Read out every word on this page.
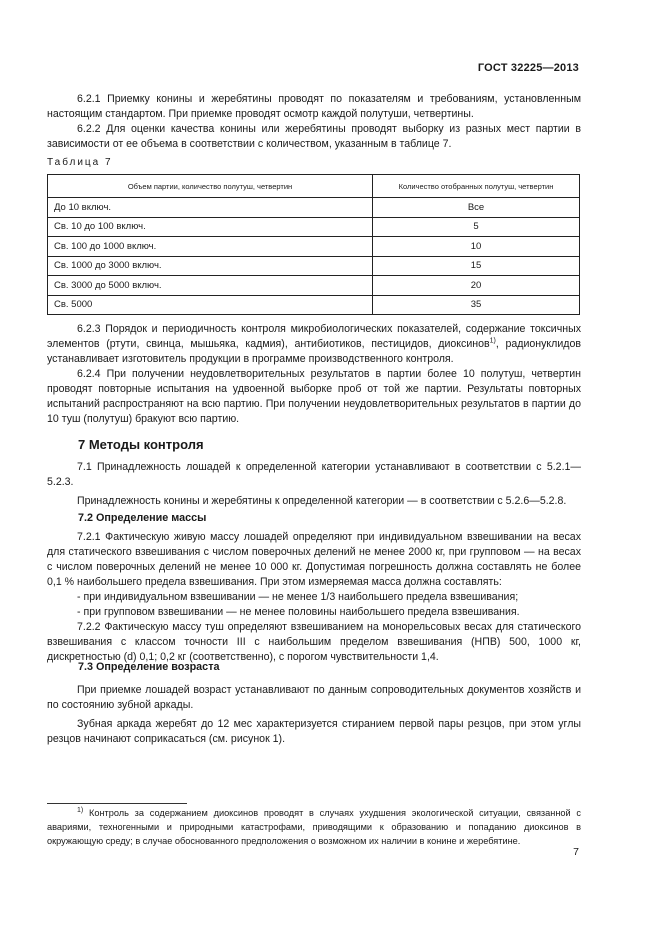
ГОСТ 32225—2013

6.2.1 Приемку конины и жеребятины проводят по показателям и требованиям, установленным настоящим стандартом. При приемке проводят осмотр каждой полутуши, четвертины.

6.2.2 Для оценки качества конины или жеребятины проводят выборку из разных мест партии в зависимости от ее объема в соответствии с количеством, указанным в таблице 7.

Таблица 7
Объем партии, количество полутуш, четвертин	Количество отобранных полутуш, четвертин
До 10 включ.	Все
Св. 10 до 100 включ.	5
Св. 100 до 1000 включ.	10
Св. 1000 до 3000 включ.	15
Св. 3000 до 5000 включ.	20
Св. 5000	35

6.2.3 Порядок и периодичность контроля микробиологических показателей, содержание токсичных элементов (ртути, свинца, мышьяка, кадмия), антибиотиков, пестицидов, диоксинов$^{1)}$, радионуклидов устанавливает изготовитель продукции в программе производственного контроля.

6.2.4 При получении неудовлетворительных результатов в партии более 10 полутуш, четвертин проводят повторные испытания на удвоенной выборке проб от той же партии. Результаты повторных испытаний распространяют на всю партию. При получении неудовлетворительных результатов в партии до 10 туш (полутуш) бракуют всю партию.

7 Методы контроля

7.1 Принадлежность лошадей к определенной категории устанавливают в соответствии с 5.2.1—5.2.3.

Принадлежность конины и жеребятины к определенной категории — в соответствии с 5.2.6—5.2.8.

7.2 Определение массы

7.2.1 Фактическую живую массу лошадей определяют при индивидуальном взвешивании на весах для статического взвешивания с числом поверочных делений не менее 2000 кг, при групповом — на весах с числом поверочных делений не менее 10 000 кг. Допустимая погрешность должна составлять не более 0,1 % наибольшего предела взвешивания. При этом измеряемая масса должна составлять:

- при индивидуальном взвешивании — не менее 1/3 наибольшего предела взвешивания;

- при групповом взвешивании — не менее половины наибольшего предела взвешивания.

7.2.2 Фактическую массу туш определяют взвешиванием на монорельсовых весах для статического взвешивания с классом точности III с наибольшим пределом взвешивания (НПВ) 500, 1000 кг, дискретностью (d) 0,1; 0,2 кг (соответственно), с порогом чувствительности 1,4.

7.3 Определение возраста

При приемке лошадей возраст устанавливают по данным сопроводительных документов хозяйств и по состоянию зубной аркады.

Зубная аркада жеребят до 12 мес характеризуется стиранием первой пары резцов, при этом углы резцов начинают соприкасаться (см. рисунок 1).

$^{1)}$ Контроль за содержанием диоксинов проводят в случаях ухудшения экологической ситуации, связанной с авариями, техногенными и природными катастрофами, приводящими к образованию и попаданию диоксинов в окружающую среду; в случае обоснованного предположения о возможном их наличии в конине и жеребятине.

7
